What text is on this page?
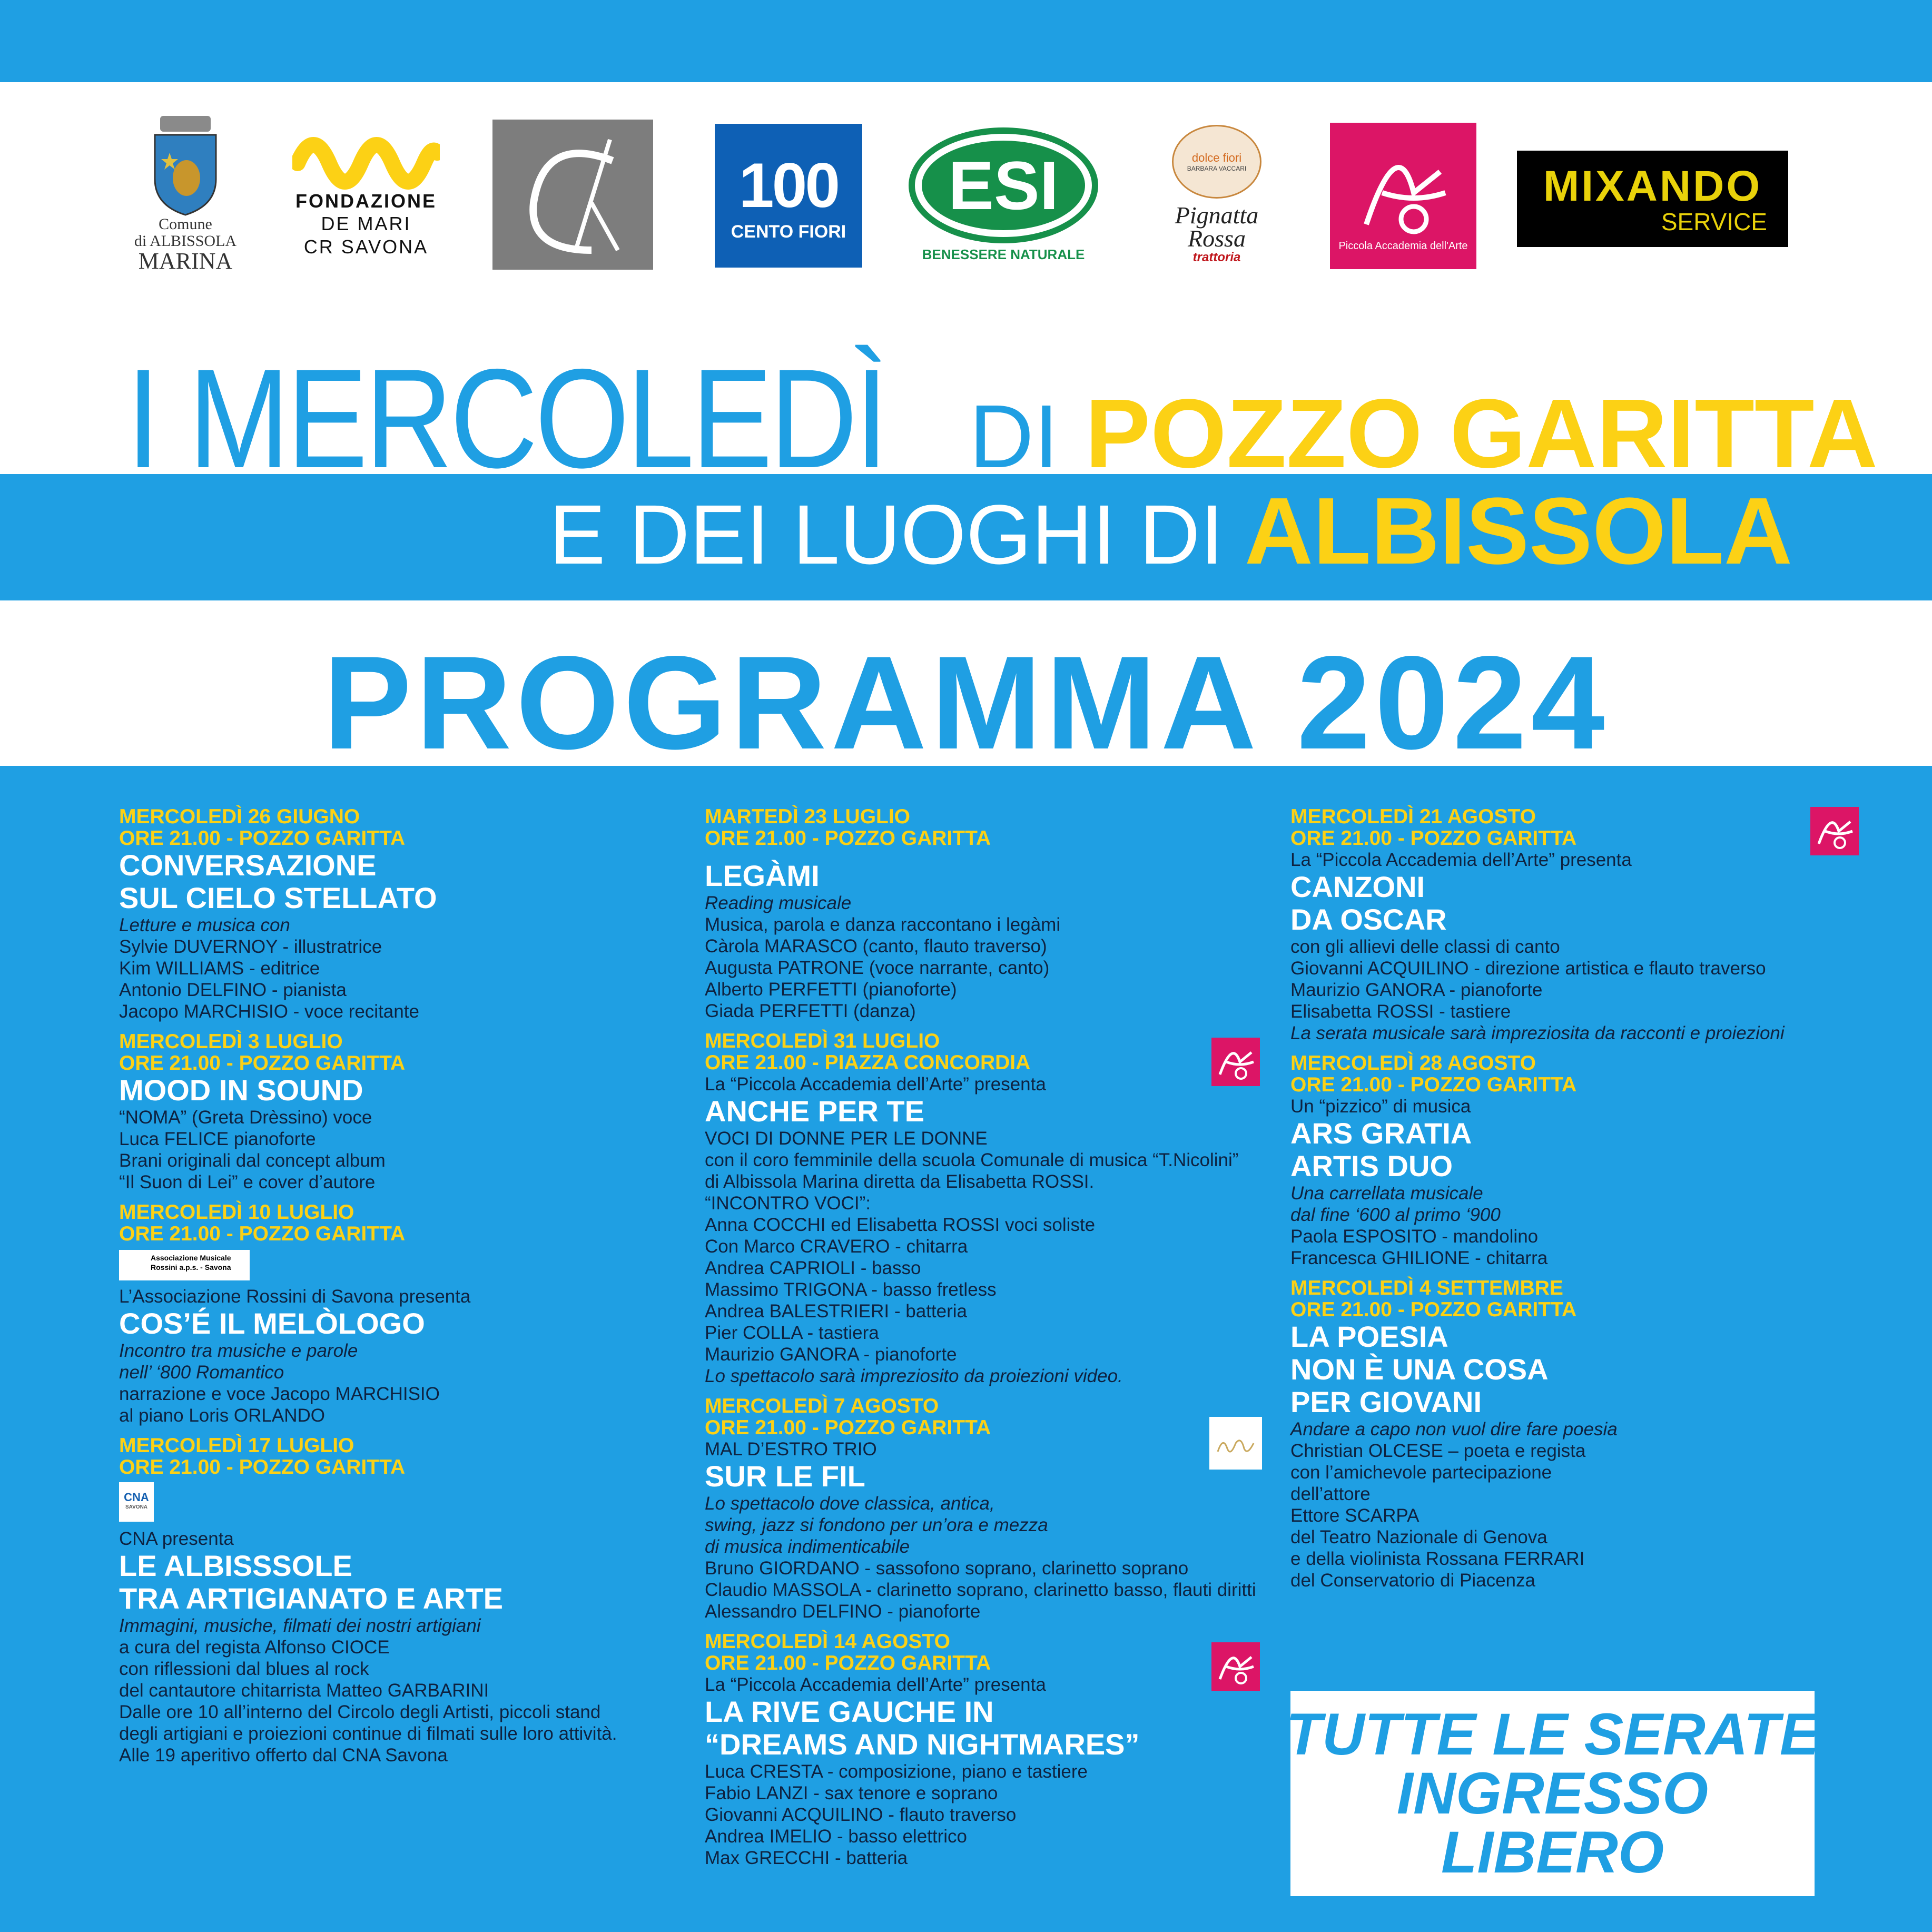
Comune
di ALBISSOLA
MARINA
FONDAZIONE
DE MARI
CR SAVONA
100
CENTO FIORI
ESI
BENESSERE NATURALE
dolce fiori
BARBARA VACCARI
Pignatta
Rossa
trattoria
Piccola Accademia dell'Arte
MIXANDO
SERVICE
I MERCOLEDÌ DI POZZO GARITTA
E DEI LUOGHI DI ALBISSOLA
PROGRAMMA 2024
MERCOLEDÌ 26 GIUGNO
ORE 21.00 - POZZO GARITTA
CONVERSAZIONE
SUL CIELO STELLATO
Letture e musica con
Sylvie DUVERNOY - illustratrice
Kim WILLIAMS - editrice
Antonio DELFINO - pianista
Jacopo MARCHISIO - voce recitante
MERCOLEDÌ 3 LUGLIO
ORE 21.00 - POZZO GARITTA
MOOD IN SOUND
“NOMA” (Greta Drèssino) voce
Luca FELICE pianoforte
Brani originali dal concept album
“Il Suon di Lei” e cover d’autore
MERCOLEDÌ 10 LUGLIO
ORE 21.00 - POZZO GARITTA
Associazione Musicale
Rossini a.p.s. - Savona
L’Associazione Rossini di Savona presenta
COS’É IL MELÒLOGO
Incontro tra musiche e parole
nell’ ‘800 Romantico
narrazione e voce Jacopo MARCHISIO
al piano Loris ORLANDO
MERCOLEDÌ 17 LUGLIO
ORE 21.00 - POZZO GARITTA
CNA
SAVONA
CNA presenta
LE ALBISSSOLE
TRA ARTIGIANATO E ARTE
Immagini, musiche, filmati dei nostri artigiani
a cura del regista Alfonso CIOCE
con riflessioni dal blues al rock
del cantautore chitarrista Matteo GARBARINI
Dalle ore 10 all’interno del Circolo degli Artisti, piccoli stand
degli artigiani e proiezioni continue di filmati sulle loro attività.
Alle 19 aperitivo offerto dal CNA Savona
MARTEDÌ 23 LUGLIO
ORE 21.00 - POZZO GARITTA
LEGÀMI
Reading musicale
Musica, parola e danza raccontano i legàmi
Càrola MARASCO (canto, flauto traverso)
Augusta PATRONE (voce narrante, canto)
Alberto PERFETTI (pianoforte)
Giada PERFETTI (danza)
MERCOLEDÌ 31 LUGLIO
ORE 21.00 - PIAZZA CONCORDIA
La “Piccola Accademia dell’Arte” presenta
ANCHE PER TE
VOCI DI DONNE PER LE DONNE
con il coro femminile della scuola Comunale di musica “T.Nicolini”
di Albissola Marina diretta da Elisabetta ROSSI.
“INCONTRO VOCI”:
Anna COCCHI ed Elisabetta ROSSI voci soliste
Con Marco CRAVERO - chitarra
Andrea CAPRIOLI - basso
Massimo TRIGONA - basso fretless
Andrea BALESTRIERI - batteria
Pier COLLA - tastiera
Maurizio GANORA - pianoforte
Lo spettacolo sarà impreziosito da proiezioni video.
MERCOLEDÌ 7 AGOSTO
ORE 21.00 - POZZO GARITTA
MAL D’ESTRO TRIO
SUR LE FIL
Lo spettacolo dove classica, antica,
swing, jazz si fondono per un’ora e mezza
di musica indimenticabile
Bruno GIORDANO - sassofono soprano, clarinetto soprano
Claudio MASSOLA - clarinetto soprano, clarinetto basso, flauti diritti
Alessandro DELFINO - pianoforte
MERCOLEDÌ 14 AGOSTO
ORE 21.00 - POZZO GARITTA
La “Piccola Accademia dell’Arte” presenta
LA RIVE GAUCHE IN
“DREAMS AND NIGHTMARES”
Luca CRESTA - composizione, piano e tastiere
Fabio LANZI - sax tenore e soprano
Giovanni ACQUILINO - flauto traverso
Andrea IMELIO - basso elettrico
Max GRECCHI - batteria
MERCOLEDÌ 21 AGOSTO
ORE 21.00 - POZZO GARITTA
La “Piccola Accademia dell’Arte” presenta
CANZONI
DA OSCAR
con gli allievi delle classi di canto
Giovanni ACQUILINO - direzione artistica e flauto traverso
Maurizio GANORA - pianoforte
Elisabetta ROSSI - tastiere
La serata musicale sarà impreziosita da racconti e proiezioni
MERCOLEDÌ 28 AGOSTO
ORE 21.00 - POZZO GARITTA
Un “pizzico” di musica
ARS GRATIA
ARTIS DUO
Una carrellata musicale
dal fine ‘600 al primo ‘900
Paola ESPOSITO - mandolino
Francesca GHILIONE - chitarra
MERCOLEDÌ 4 SETTEMBRE
ORE 21.00 - POZZO GARITTA
LA POESIA
NON È UNA COSA
PER GIOVANI
Andare a capo non vuol dire fare poesia
Christian OLCESE – poeta e regista
con l’amichevole partecipazione
dell’attore
Ettore SCARPA
del Teatro Nazionale di Genova
e della violinista Rossana FERRARI
del Conservatorio di Piacenza
TUTTE LE SERATE
INGRESSO
LIBERO
